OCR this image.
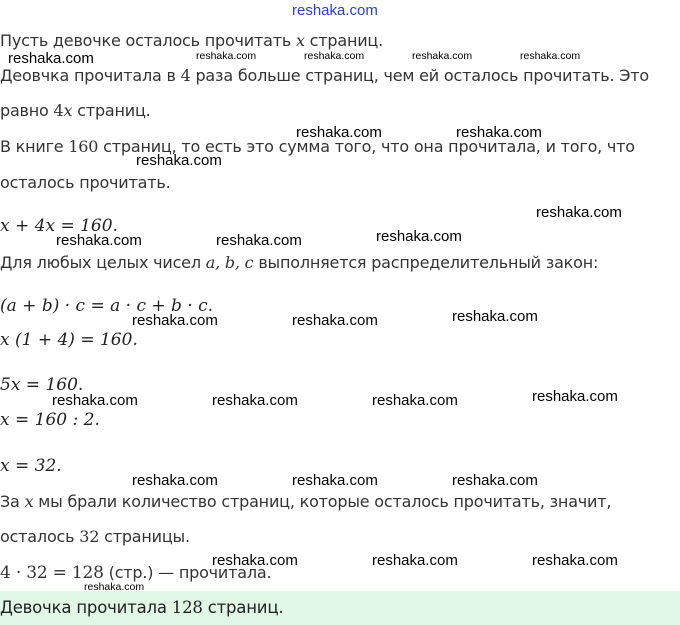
reshaka.com
Пусть девочке осталось прочитать x страниц.
Деовчка прочитала в 4 раза больше страниц, чем ей осталось прочитать. Это
равно 4x страниц.
В книге 160 страниц, то есть это сумма того, что она прочитала, и того, что
осталось прочитать.
x + 4x = 160.
Для любых целых чисел a, b, c выполняется распределительный закон:
(a + b) · c = a · c + b · c.
x (1 + 4) = 160.
5x = 160.
x = 160 : 2.
x = 32.
За x мы брали количество страниц, которые осталось прочитать, значит,
осталось 32 страницы.
4 · 32 = 128 (стр.) — прочитала.
Девочка прочитала 128 страниц.
reshaka.com	reshaka.com	reshaka.com	reshaka.com	reshaka.com
reshaka.com	reshaka.com
reshaka.com
reshaka.com
reshaka.com	reshaka.com	reshaka.com
reshaka.com	reshaka.com	reshaka.com
reshaka.com	reshaka.com	reshaka.com	reshaka.com
reshaka.com	reshaka.com	reshaka.com
reshaka.com	reshaka.com	reshaka.com
reshaka.com
